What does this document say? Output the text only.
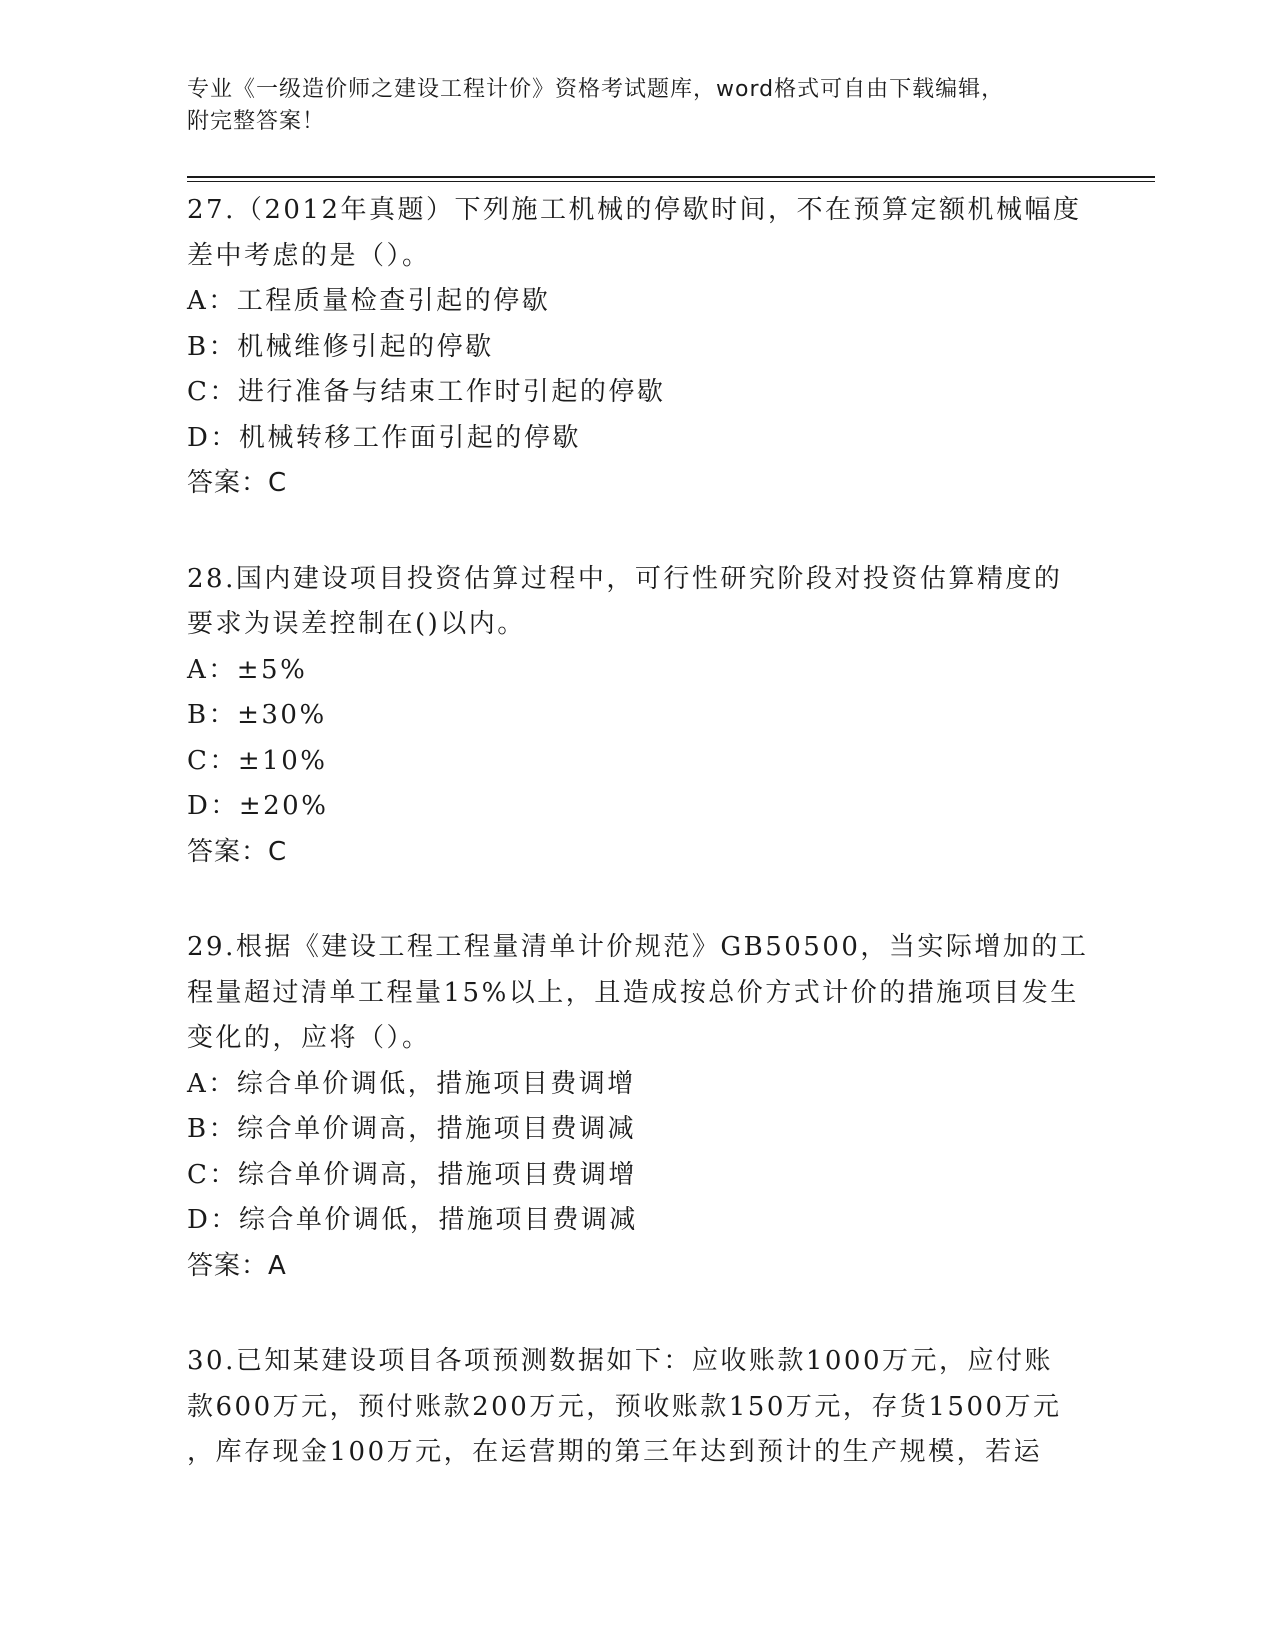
专业《一级造价师之建设工程计价》资格考试题库，word格式可自由下载编辑，
附完整答案！

27.（2012年真题）下列施工机械的停歇时间，不在预算定额机械幅度
差中考虑的是（）。

A：工程质量检查引起的停歇

B：机械维修引起的停歇

C：进行准备与结束工作时引起的停歇

D：机械转移工作面引起的停歇

答案：C

28.国内建设项目投资估算过程中，可行性研究阶段对投资估算精度的
要求为误差控制在()以内。

A：±5%

B：±30%

C：±10%

D：±20%

答案：C

29.根据《建设工程工程量清单计价规范》GB50500，当实际增加的工
程量超过清单工程量15%以上，且造成按总价方式计价的措施项目发生
变化的，应将（）。

A：综合单价调低，措施项目费调增

B：综合单价调高，措施项目费调减

C：综合单价调高，措施项目费调增

D：综合单价调低，措施项目费调减

答案：A

30.已知某建设项目各项预测数据如下：应收账款1000万元，应付账
款600万元，预付账款200万元，预收账款150万元，存货1500万元
，库存现金100万元，在运营期的第三年达到预计的生产规模，若运
